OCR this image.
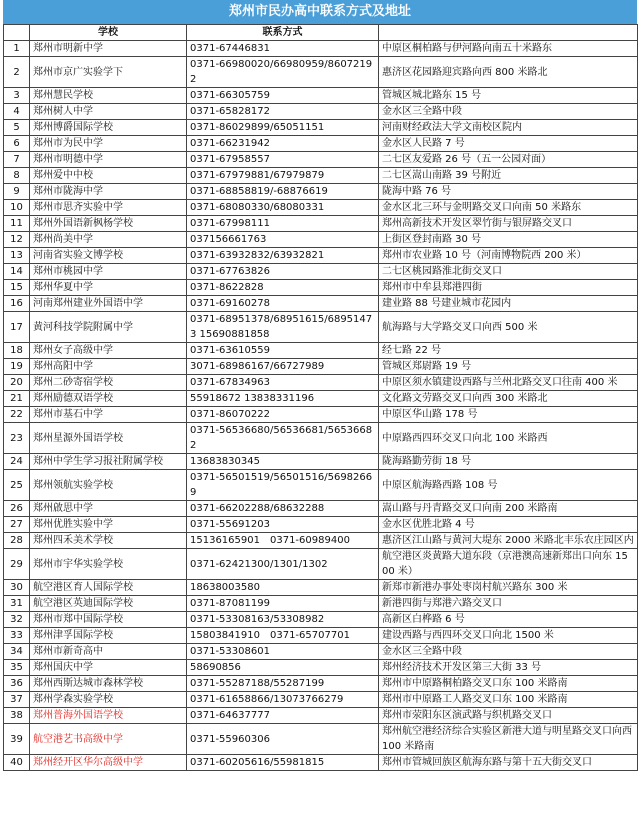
郑州市民办高中联系方式及地址
	学校	联系方式	
1	郑州市明新中学	0371-67446831	中原区桐柏路与伊河路向南五十米路东
2	郑州市京广实验学下	0371-66980020/66980959/86072192	惠济区花园路迎宾路向西 800 米路北
3	郑州慧民学校	0371-66305759	管城区城北路东 15 号
4	郑州树人中学	0371-65828172	金水区三全路中段
5	郑州博爵国际学校	0371-86029899/65051151	河南财经政法大学文南校区院内
6	郑州市为民中学	0371-66231942	金水区人民路 7 号
7	郑州市明德中学	0371-67958557	二七区友爱路 26 号（五一公园对面）
8	郑州爱中中校	0371-67979881/67979879	二七区嵩山南路 39 号附近
9	郑州市陇海中学	0371-68858819/-68876619	陇海中路 76 号
10	郑州市思齐实验中学	0371-68080330/68080331	金水区北三环与金明路交叉口向南 50 米路东
11	郑州外国语新枫杨学校	0371-67998111	郑州高新技术开发区翠竹街与银屏路交叉口
12	郑州尚美中学	037156661763	上街区登封南路 30 号
13	河南省实验文博学校	0371-63932832/63932821	郑州市农业路 10 号（河南博物院西 200 米）
14	郑州市桃园中学	0371-67763826	二七区桃园路淮北街交叉口
15	郑州华夏中学	0371-8622828	郑州市中牟县郑港四街
16	河南郑州建业外国语中学	0371-69160278	建业路 88 号建业城市花园内
17	黄河科技学院附属中学	0371-68951378/68951615/68951473 15690881858	航海路与大学路交叉口向西 500 米
18	郑州女子高级中学	0371-63610559	经七路 22 号
19	郑州高阳中学	3071-68986167/66727989	管城区郑尉路 19 号
20	郑州二砂寄宿学校	0371-67834963	中原区须水镇建设西路与兰州北路交叉口往南 400 米
21	郑州励德双语学校	55918672 13838331196	文化路文劳路交叉口向西 300 米路北
22	郑州市基石中学	0371-86070222	中原区华山路 178 号
23	郑州星源外国语学校	0371-56536680/56536681/56536682	中原路西四环交叉口向北 100 米路西
24	郑州中学生学习报社附属学校	13683830345	陇海路勤劳街 18 号
25	郑州领航实验学校	0371-56501519/56501516/56982669	中原区航海路西路 108 号
26	郑州啟思中学	0371-66202288/68632288	嵩山路与丹青路交叉口向南 200 米路南
27	郑州优胜实验中学	0371-55691203	金水区优胜北路 4 号
28	郑州四禾美术学校	15136165901　0371-60989400	惠济区江山路与黄河大堤东 2000 米路北丰乐农庄园区内
29	郑州市宇华实验学校	0371-62421300/1301/1302	航空港区炎黄路大道东段（京港澳高速新郑出口向东 1500 米）
30	航空港区育人国际学校	18638003580	新郑市新港办事处枣岗村航兴路东 300 米
31	航空港区英迪国际学校	0371-87081199	新港四街与郑港六路交叉口
32	郑州市郑中国际学校	0371-53308163/53308982	高新区白桦路 6 号
33	郑州津孚国际学校	15803841910　0371-65707701	建设西路与西四环交叉口向北 1500 米
34	郑州市新奇高中	0371-53308601	金水区三全路中段
35	郑州国庆中学	58690856	郑州经济技术开发区第三大街 33 号
36	郑州西斯达城市森林学校	0371-55287188/55287199	郑州市中原路桐柏路交叉口东 100 米路南
37	郑州学森实验学校	0371-61658866/13073766279	郑州市中原路工人路交叉口东 100 米路南
38	郑州普海外国语学校	0371-64637777	郑州市荥阳东区演武路与织机路交叉口
39	航空港艺书高级中学	0371-55960306	郑州航空港经济综合实验区新港大道与明星路交叉口向西 100 米路南
40	郑州经开区华尔高级中学	0371-60205616/55981815	郑州市管城回族区航海东路与第十五大街交叉口
